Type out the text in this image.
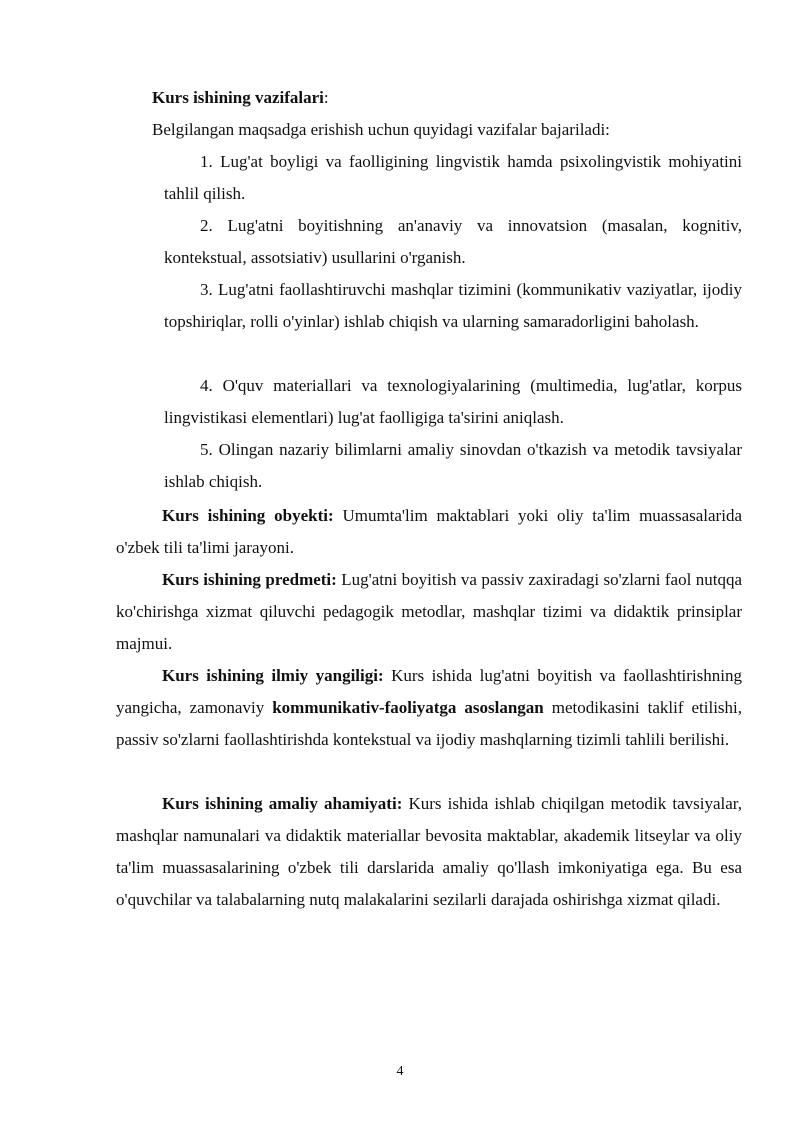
Kurs ishining vazifalari:
Belgilangan maqsadga erishish uchun quyidagi vazifalar bajariladi:
1. Lug'at boyligi va faolligining lingvistik hamda psixolingvistik mohiyatini tahlil qilish.
2. Lug'atni boyitishning an'anaviy va innovatsion (masalan, kognitiv, kontekstual, assotsiativ) usullarini o'rganish.
3. Lug'atni faollashtiruvchi mashqlar tizimini (kommunikativ vaziyatlar, ijodiy topshiriqlar, rolli o'yinlar) ishlab chiqish va ularning samaradorligini baholash.
4. O'quv materiallari va texnologiyalarining (multimedia, lug'atlar, korpus lingvistikasi elementlari) lug'at faolligiga ta'sirini aniqlash.
5. Olingan nazariy bilimlarni amaliy sinovdan o'tkazish va metodik tavsiyalar ishlab chiqish.
Kurs ishining obyekti: Umumta'lim maktablari yoki oliy ta'lim muassasalarida o'zbek tili ta'limi jarayoni.
Kurs ishining predmeti: Lug'atni boyitish va passiv zaxiradagi so'zlarni faol nutqqa ko'chirishga xizmat qiluvchi pedagogik metodlar, mashqlar tizimi va didaktik prinsiplar majmui.
Kurs ishining ilmiy yangiligi: Kurs ishida lug'atni boyitish va faollashtirishning yangicha, zamonaviy kommunikativ-faoliyatga asoslangan metodikasini taklif etilishi, passiv so'zlarni faollashtirishda kontekstual va ijodiy mashqlarning tizimli tahlili berilishi.
Kurs ishining amaliy ahamiyati: Kurs ishida ishlab chiqilgan metodik tavsiyalar, mashqlar namunalari va didaktik materiallar bevosita maktablar, akademik litseylar va oliy ta'lim muassasalarining o'zbek tili darslarida amaliy qo'llash imkoniyatiga ega. Bu esa o'quvchilar va talabalarning nutq malakalarini sezilarli darajada oshirishga xizmat qiladi.
4
